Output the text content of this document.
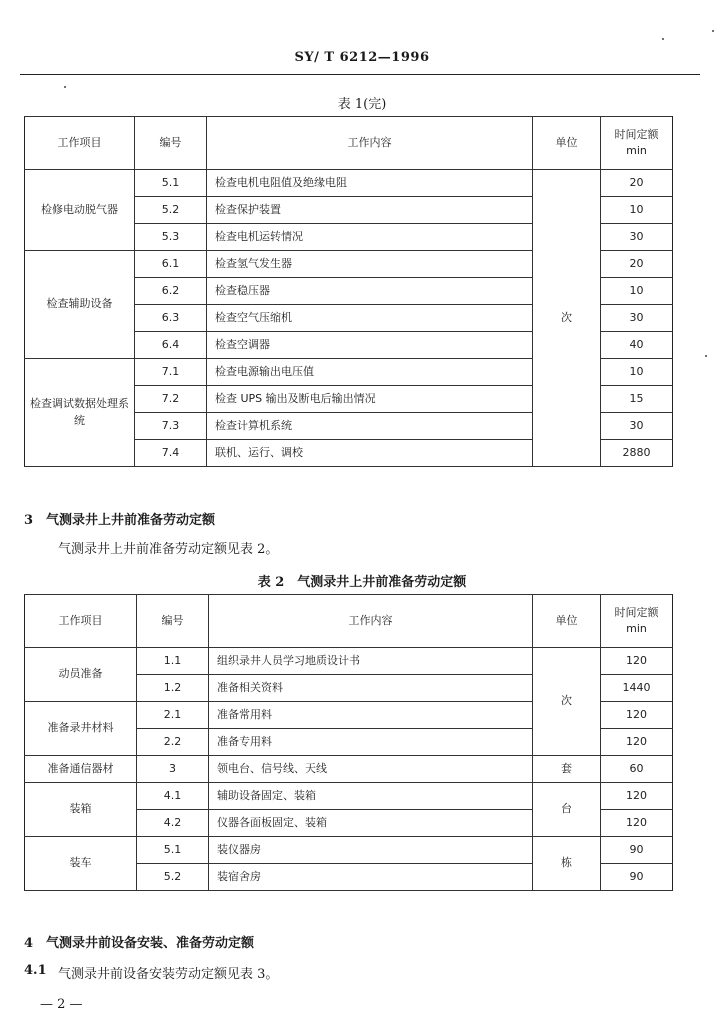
SY/ T 6212—1996
表 1(完)
工作项目	编号	工作内容	单位	时间定额
min

检修电动脱气器	5.1	检查电机电阻值及绝缘电阻	次	20
	5.2	检查保护装置		10
	5.3	检查电机运转情况		30
检查辅助设备	6.1	检查氢气发生器		20
	6.2	检查稳压器		10
	6.3	检查空气压缩机		30
	6.4	检查空调器		40
检查调试数据处理系统	7.1	检查电源输出电压值		10
	7.2	检查 UPS 输出及断电后输出情况		15
	7.3	检查计算机系统		30
	7.4	联机、运行、调校		2880
3　气测录井上井前准备劳动定额
气测录井上井前准备劳动定额见表 2。
表 2　气测录井上井前准备劳动定额
工作项目	编号	工作内容	单位	时间定额
min

动员准备	1.1	组织录井人员学习地质设计书	次	120
	1.2	准备相关资料		1440
准备录井材料	2.1	准备常用料		120
	2.2	准备专用料		120
准备通信器材	3	领电台、信号线、天线	套	60
装箱	4.1	辅助设备固定、装箱	台	120
	4.2	仪器各面板固定、装箱		120
装车	5.1	装仪器房	栋	90
	5.2	装宿舍房		90
4　气测录井前设备安装、准备劳动定额
4.1 气测录井前设备安装劳动定额见表 3。
— 2 —
